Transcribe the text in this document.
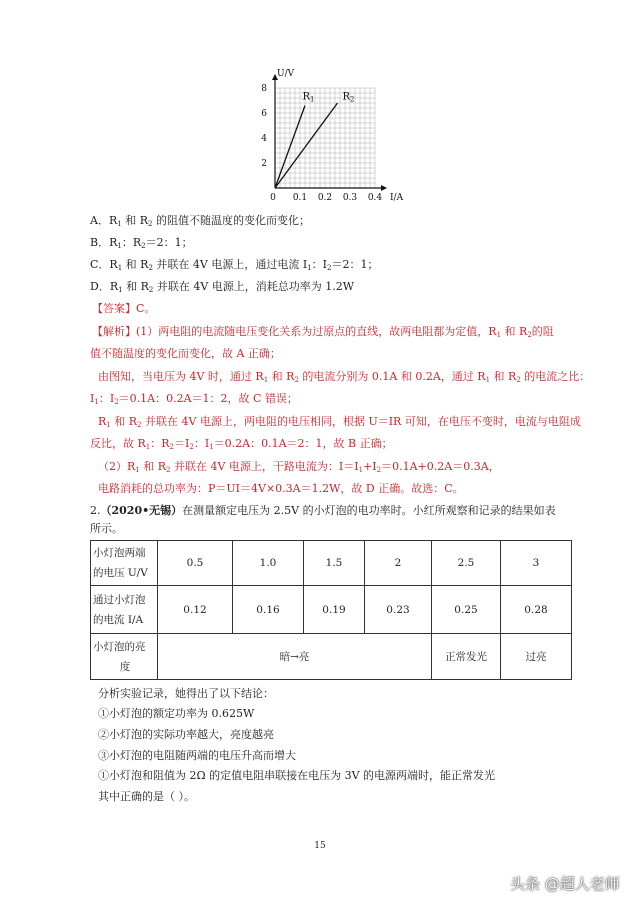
U/V
I/A
0 0.1 0.2 0.3 0.4
2
4
6
8
$R_1$	$R_2$
A．$R_1$ 和 $R_2$ 的阻值不随温度的变化而变化；
B．$R_1$：$R_2=2$：1；
C．$R_1$ 和 $R_2$ 并联在 4V 电源上，通过电流 $I_1$：$I_2=2$：1；
D．$R_1$ 和 $R_2$ 并联在 4V 电源上，消耗总功率为 1.2W
【答案】C。
【解析】(1）两电阻的电流随电压变化关系为过原点的直线，故两电阻都为定值，$R_1$ 和 $R_2$的阻
值不随温度的变化而变化，故 A 正确；
由图知，当电压为 4V 时，通过 $R_1$ 和 $R_2$ 的电流分别为 0.1A 和 0.2A，通过 $R_1$ 和 $R_2$ 的电流之比：
$I_1$：$I_2=0.1A$：0.2A＝1：2，故 C 错误；
$R_1$ 和 $R_2$ 并联在 4V 电源上，两电阻的电压相同，根据 U＝IR 可知，在电压不变时，电流与电阻成
反比，故 $R_1$：$R_2=I_2$：$I_1=0.2A$：0.1A＝2：1，故 B 正确；
$(2)R_1$ 和 $R_2$ 并联在 4V 电源上，干路电流为：$I=I_1+I_2=0.1A+0.2A=0.3A$，
电路消耗的总功率为：P＝UI＝4V×0.3A＝1.2W，故 D 正确。故选：C。
2.（2020•无锡）在测量额定电压为 2.5V 的小灯泡的电功率时。小红所观察和记录的结果如表
所示。
小灯泡两端
的电压 U/V	0.5	1.0	1.5	2	2.5	3

通过小灯泡
的电流 I/A	0.12	0.16	0.19	0.23	0.25	0.28

小灯泡的亮
度	暗→亮				正常发光	过亮
分析实验记录，她得出了以下结论：
①小灯泡的额定功率为 0.625W
②小灯泡的实际功率越大，亮度越亮
③小灯泡的电阻随两端的电压升高而增大
①小灯泡和阻值为 2Ω 的定值电阻串联接在电压为 3V 的电源两端时，能正常发光
其中正确的是（ ）。
15
头条 @超人老师
